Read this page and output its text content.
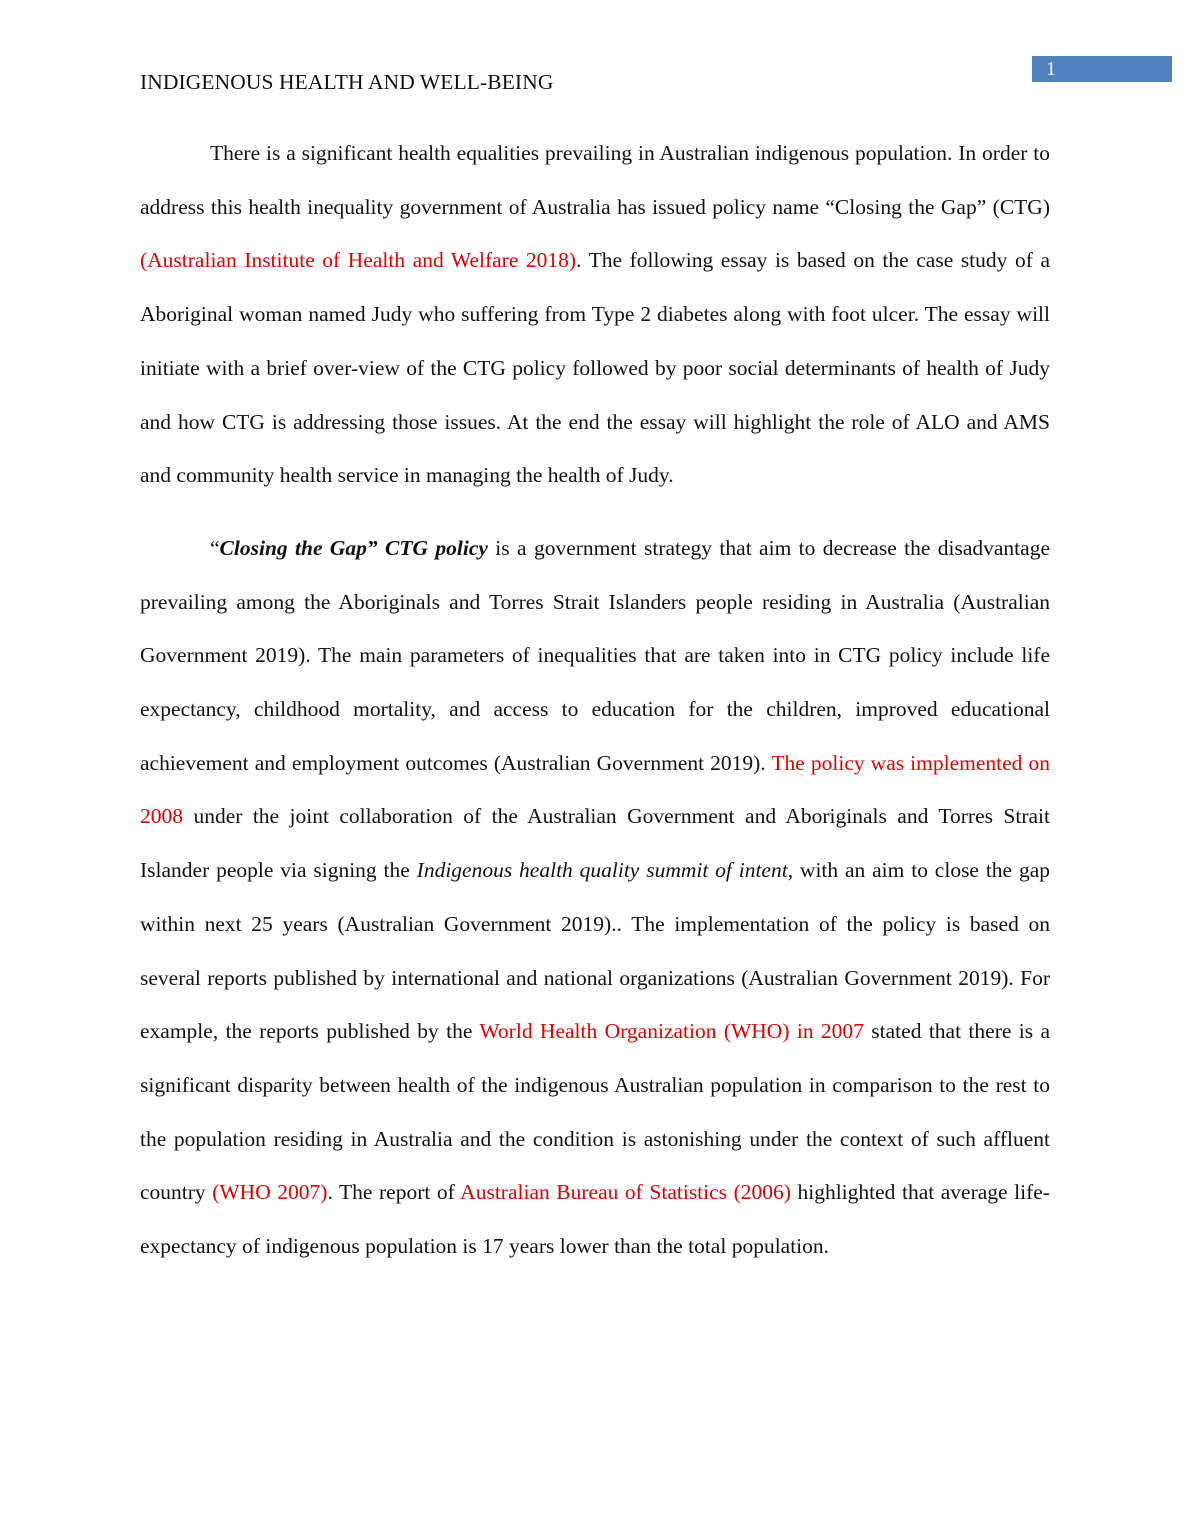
1
INDIGENOUS HEALTH AND WELL-BEING

There is a significant health equalities prevailing in Australian indigenous population. In order to address this health inequality government of Australia has issued policy name “Closing the Gap” (CTG) (Australian Institute of Health and Welfare 2018). The following essay is based on the case study of a Aboriginal woman named Judy who suffering from Type 2 diabetes along with foot ulcer. The essay will initiate with a brief over-view of the CTG policy followed by poor social determinants of health of Judy and how CTG is addressing those issues. At the end the essay will highlight the role of ALO and AMS and community health service in managing the health of Judy.

“Closing the Gap” CTG policy is a government strategy that aim to decrease the disadvantage prevailing among the Aboriginals and Torres Strait Islanders people residing in Australia (Australian Government 2019). The main parameters of inequalities that are taken into in CTG policy include life expectancy, childhood mortality, and access to education for the children, improved educational achievement and employment outcomes (Australian Government 2019). The policy was implemented on 2008 under the joint collaboration of the Australian Government and Aboriginals and Torres Strait Islander people via signing the Indigenous health quality summit of intent, with an aim to close the gap within next 25 years (Australian Government 2019).. The implementation of the policy is based on several reports published by international and national organizations (Australian Government 2019). For example, the reports published by the World Health Organization (WHO) in 2007 stated that there is a significant disparity between health of the indigenous Australian population in comparison to the rest to the population residing in Australia and the condition is astonishing under the context of such affluent country (WHO 2007). The report of Australian Bureau of Statistics (2006) highlighted that average life-expectancy of indigenous population is 17 years lower than the total population.
